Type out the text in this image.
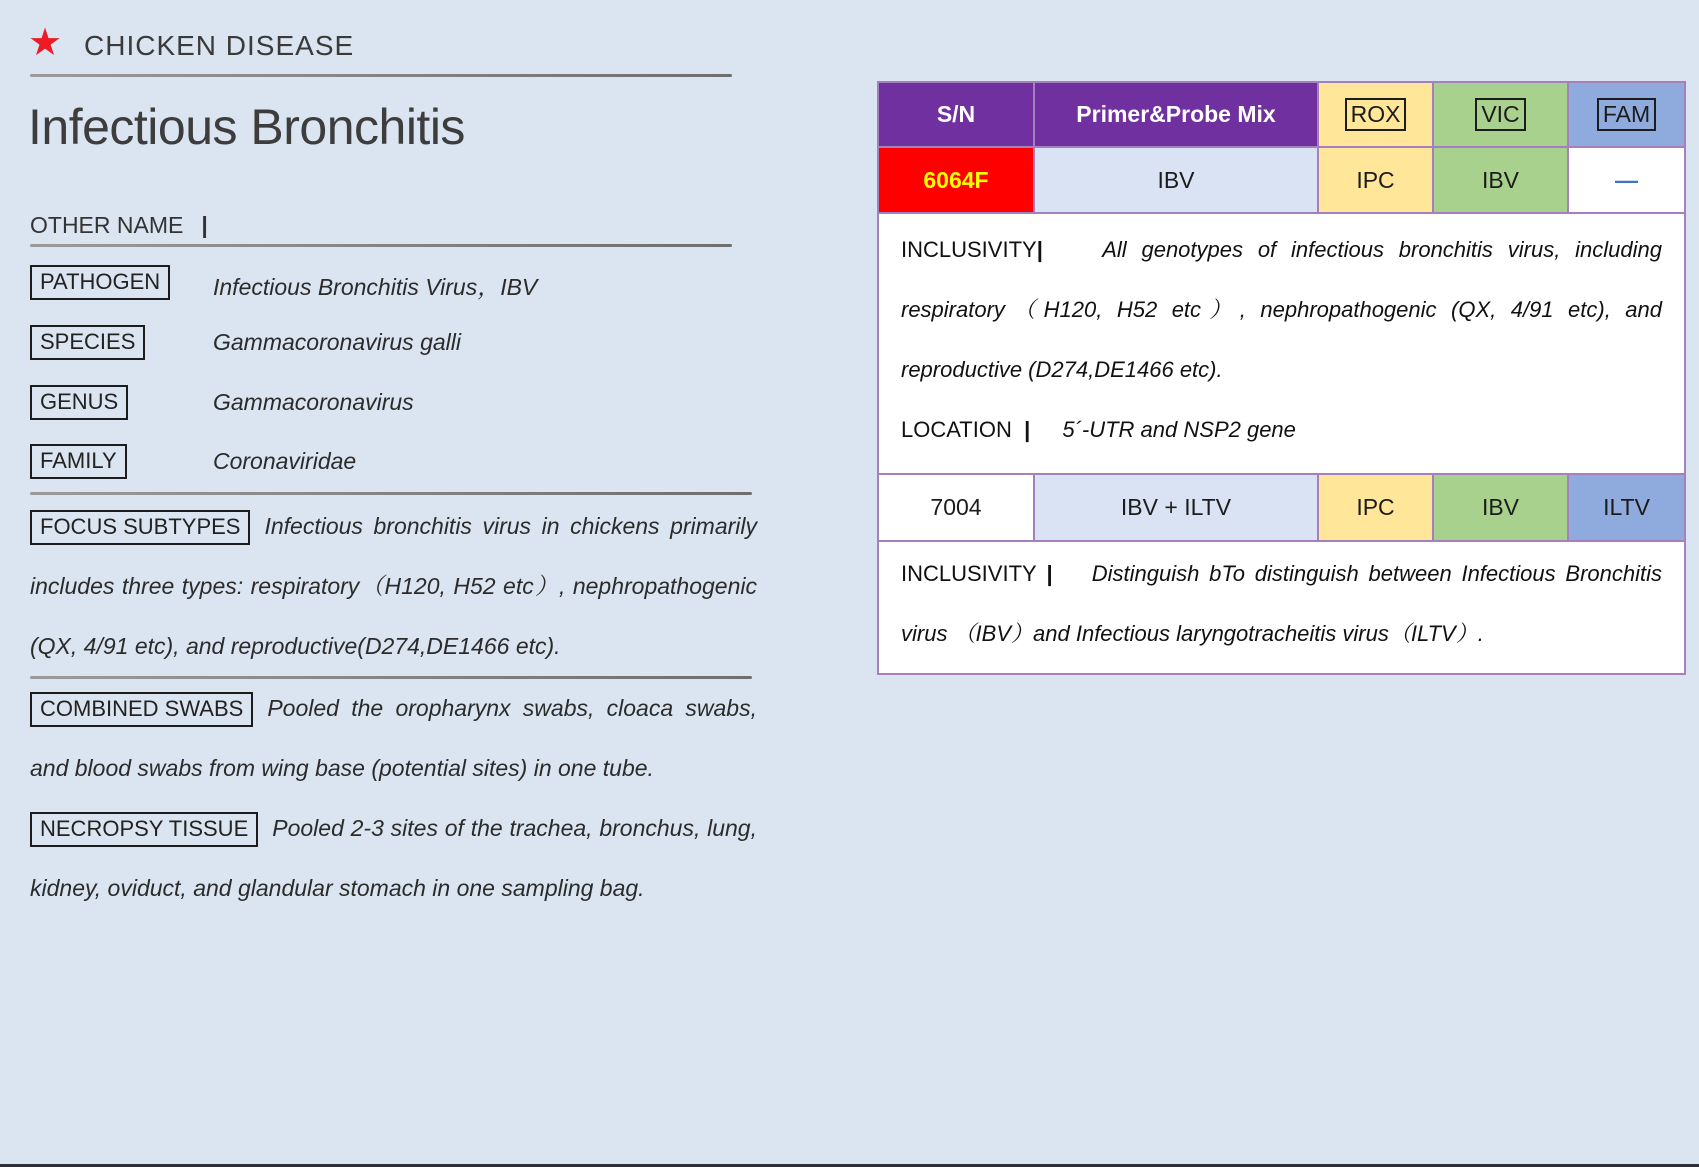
★ CHICKEN DISEASE
Infectious Bronchitis
OTHER NAME |
PATHOGEN Infectious Bronchitis Virus，IBV
SPECIES	Gammacoronavirus galli
GENUS	Gammacoronavirus
FAMILY	Coronaviridae

FOCUS SUBTYPES Infectious bronchitis virus in chickens primarily includes three types: respiratory（H120, H52 etc）, nephropathogenic (QX, 4/91 etc), and reproductive(D274,DE1466 etc).

COMBINED SWABS Pooled the oropharynx swabs, cloaca swabs, and blood swabs from wing base (potential sites) in one tube.

NECROPSY TISSUE Pooled 2-3 sites of the trachea, bronchus, lung, kidney, oviduct, and glandular stomach in one sampling bag.

S/N	Primer&Probe Mix	ROX	VIC	FAM
6064F	IBV	IPC	IBV	—
INCLUSIVITY|	All genotypes of infectious bronchitis virus, including respiratory（H120, H52 etc）, nephropathogenic (QX, 4/91 etc), and reproductive (D274,DE1466 etc).
LOCATION | 5´-UTR and NSP2 gene
7004	IBV + ILTV	IPC	IBV	ILTV
INCLUSIVITY | Distinguish bTo distinguish between Infectious Bronchitis virus （IBV）and Infectious laryngotracheitis virus（ILTV）.
